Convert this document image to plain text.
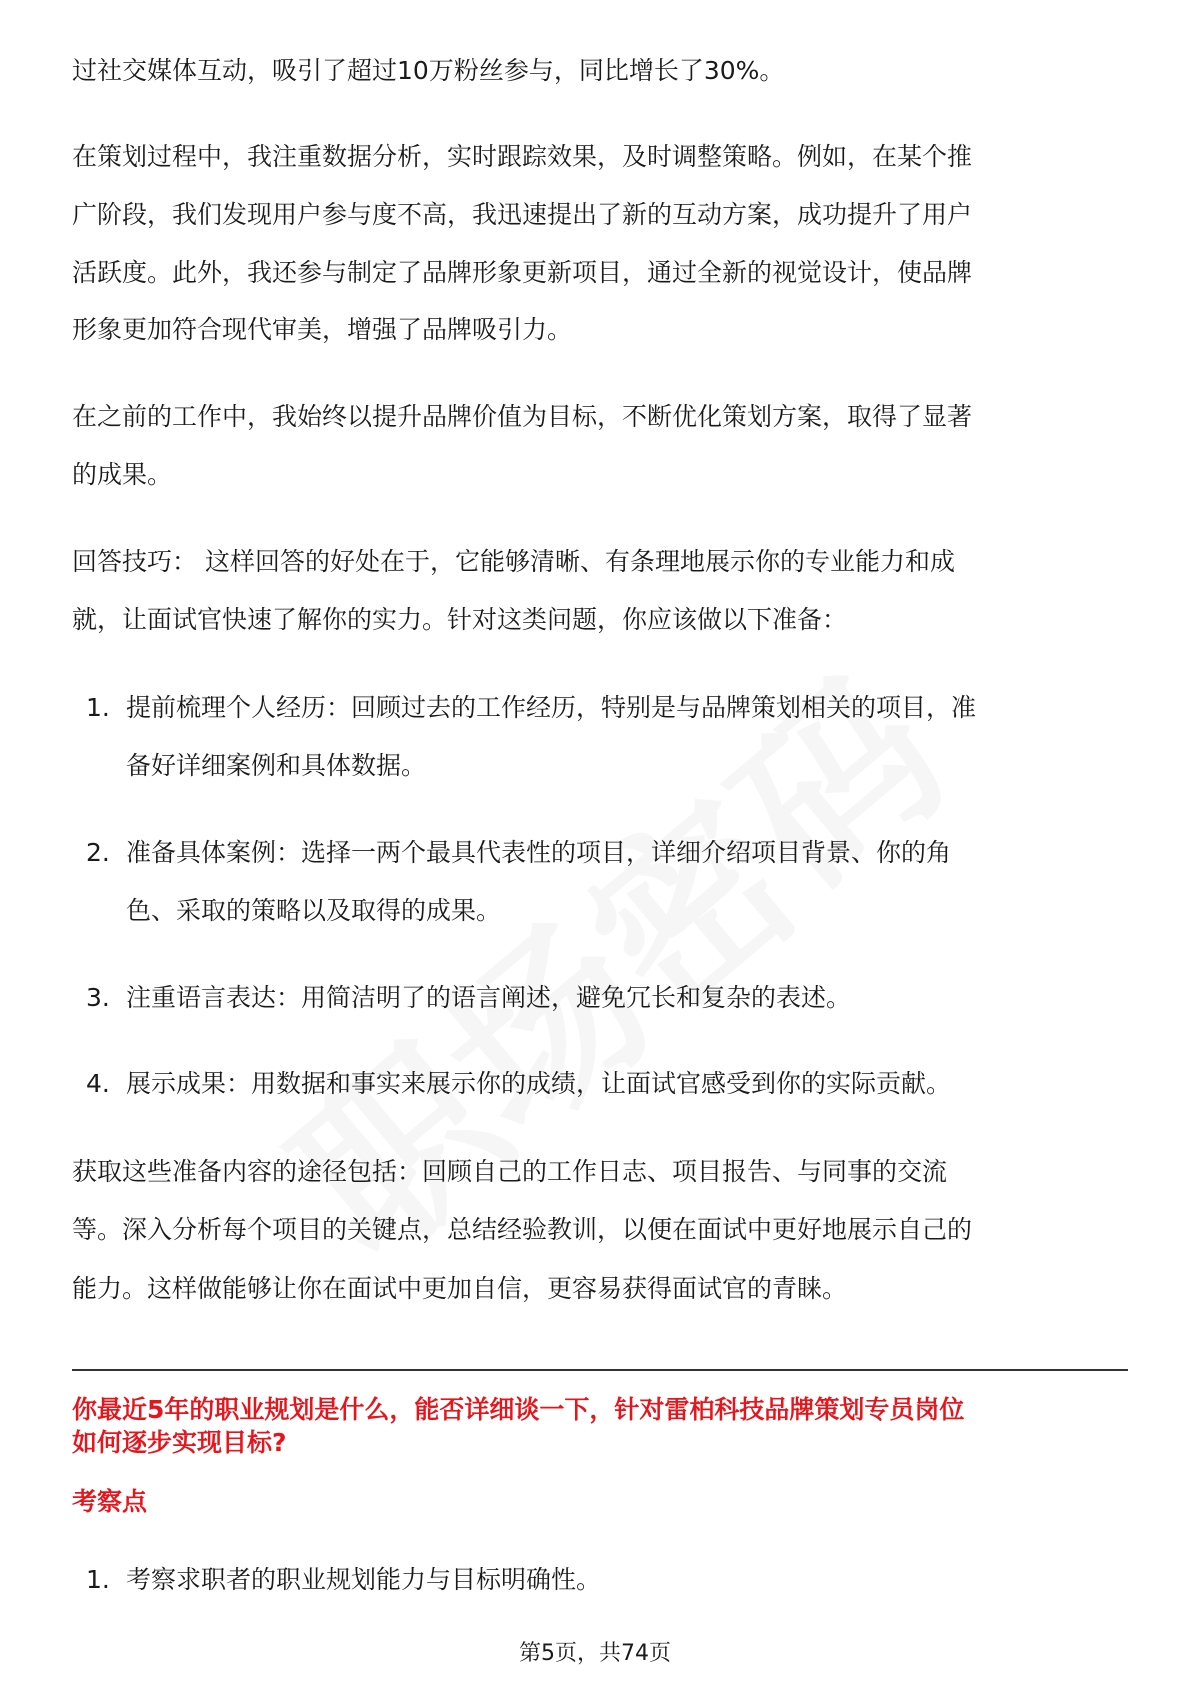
过社交媒体互动，吸引了超过10万粉丝参与，同比增长了30%。
在策划过程中，我注重数据分析，实时跟踪效果，及时调整策略。例如，在某个推
广阶段，我们发现用户参与度不高，我迅速提出了新的互动方案，成功提升了用户
活跃度。此外，我还参与制定了品牌形象更新项目，通过全新的视觉设计，使品牌
形象更加符合现代审美，增强了品牌吸引力。
在之前的工作中，我始终以提升品牌价值为目标，不断优化策划方案，取得了显著
的成果。
回答技巧： 这样回答的好处在于，它能够清晰、有条理地展示你的专业能力和成
就，让面试官快速了解你的实力。针对这类问题，你应该做以下准备：
1. 提前梳理个人经历：回顾过去的工作经历，特别是与品牌策划相关的项目，准
备好详细案例和具体数据。
2. 准备具体案例：选择一两个最具代表性的项目，详细介绍项目背景、你的角
色、采取的策略以及取得的成果。
3. 注重语言表达：用简洁明了的语言阐述，避免冗长和复杂的表述。
4. 展示成果：用数据和事实来展示你的成绩，让面试官感受到你的实际贡献。
获取这些准备内容的途径包括：回顾自己的工作日志、项目报告、与同事的交流
等。深入分析每个项目的关键点，总结经验教训，以便在面试中更好地展示自己的
能力。这样做能够让你在面试中更加自信，更容易获得面试官的青睐。
你最近5年的职业规划是什么，能否详细谈一下，针对雷柏科技品牌策划专员岗位
如何逐步实现目标?
考察点
1. 考察求职者的职业规划能力与目标明确性。
第5页，共74页
